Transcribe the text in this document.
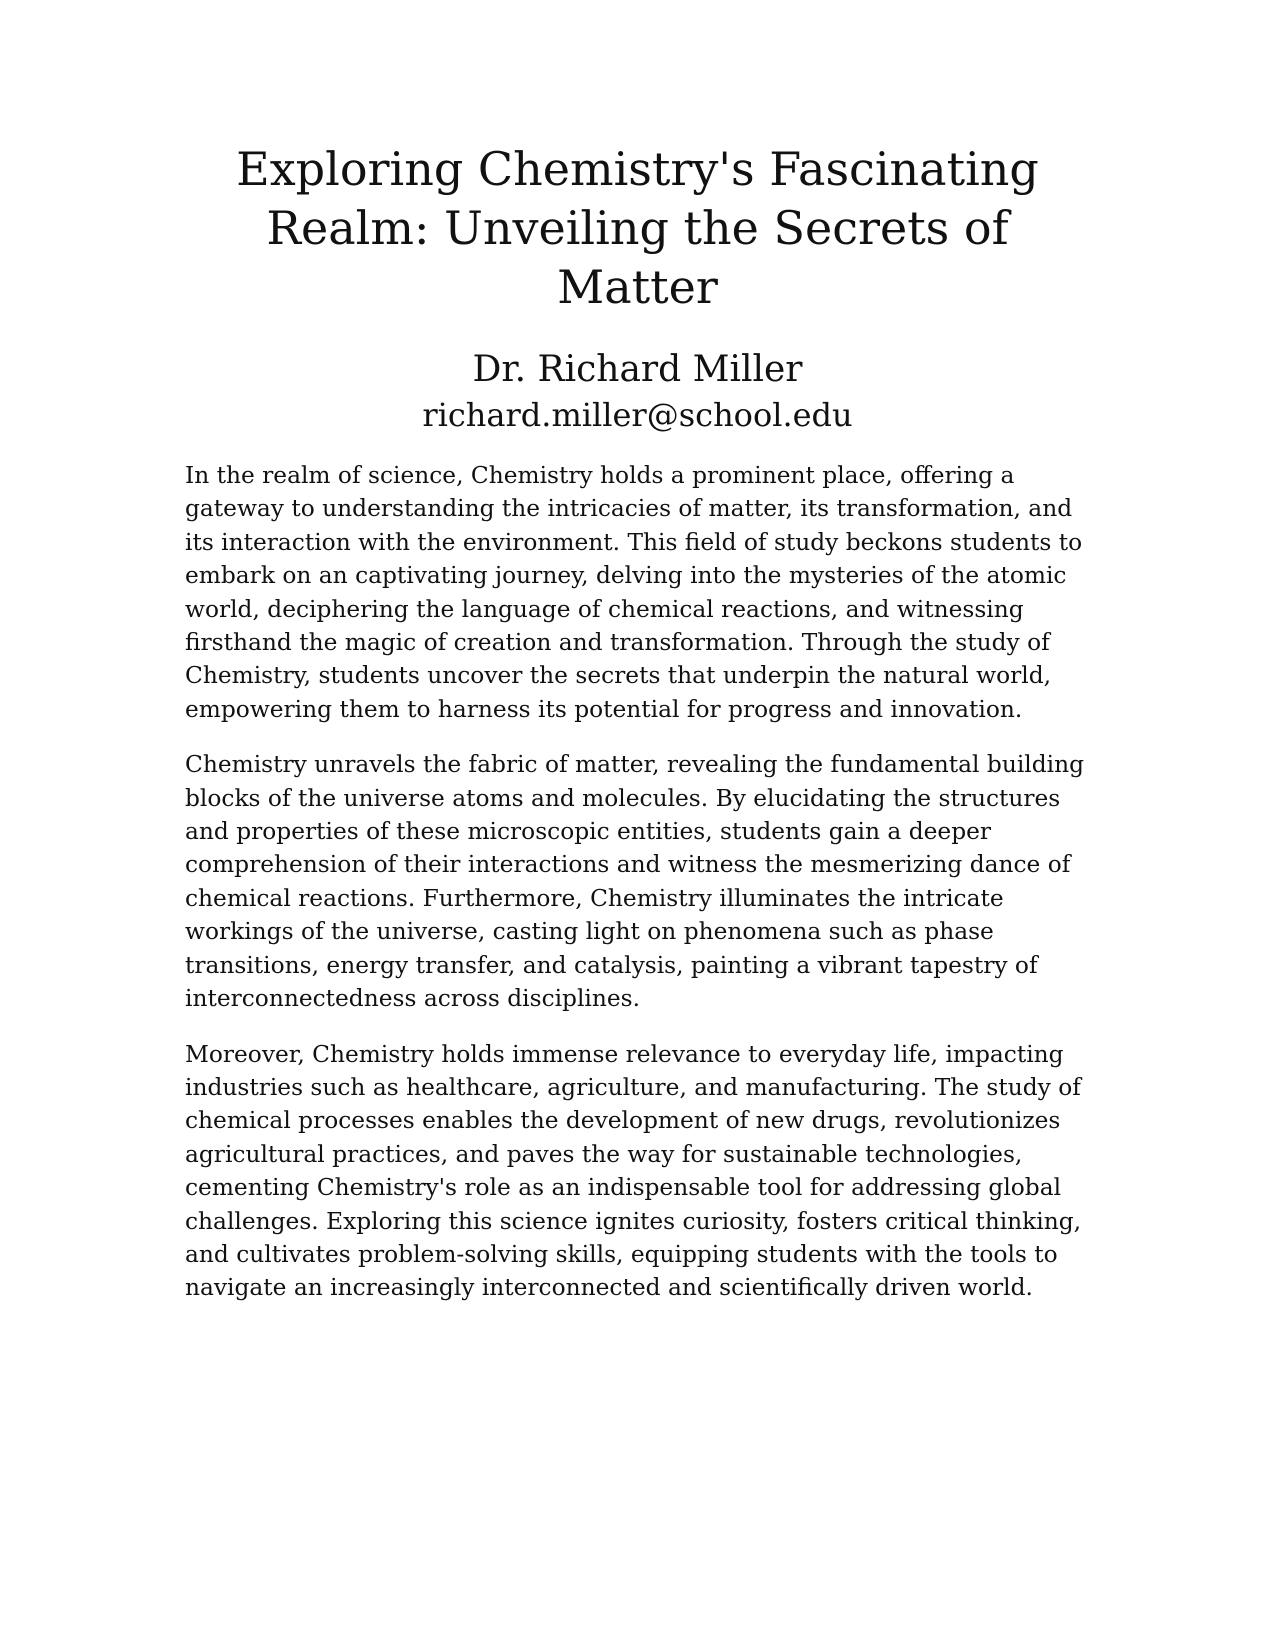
Exploring Chemistry's Fascinating Realm: Unveiling the Secrets of Matter

Dr. Richard Miller

richard.miller@school.edu

In the realm of science, Chemistry holds a prominent place, offering a gateway to understanding the intricacies of matter, its transformation, and its interaction with the environment. This field of study beckons students to embark on an captivating journey, delving into the mysteries of the atomic world, deciphering the language of chemical reactions, and witnessing firsthand the magic of creation and transformation. Through the study of Chemistry, students uncover the secrets that underpin the natural world, empowering them to harness its potential for progress and innovation.

Chemistry unravels the fabric of matter, revealing the fundamental building blocks of the universe atoms and molecules. By elucidating the structures and properties of these microscopic entities, students gain a deeper comprehension of their interactions and witness the mesmerizing dance of chemical reactions. Furthermore, Chemistry illuminates the intricate workings of the universe, casting light on phenomena such as phase transitions, energy transfer, and catalysis, painting a vibrant tapestry of interconnectedness across disciplines.

Moreover, Chemistry holds immense relevance to everyday life, impacting industries such as healthcare, agriculture, and manufacturing. The study of chemical processes enables the development of new drugs, revolutionizes agricultural practices, and paves the way for sustainable technologies, cementing Chemistry's role as an indispensable tool for addressing global challenges. Exploring this science ignites curiosity, fosters critical thinking, and cultivates problem-solving skills, equipping students with the tools to navigate an increasingly interconnected and scientifically driven world.
